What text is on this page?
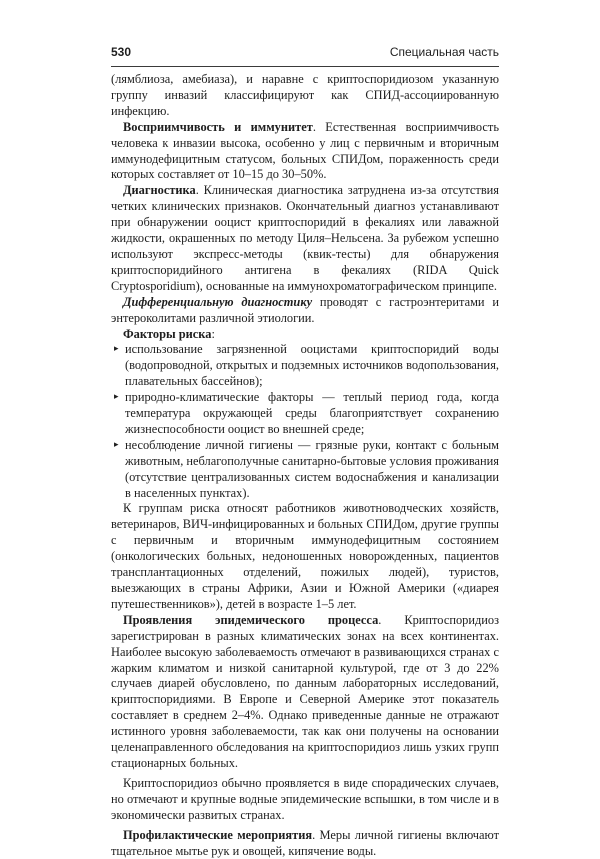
530	Специальная часть

(лямблиоза, амебиаза), и наравне с криптоспоридиозом указанную группу инвазий классифицируют как СПИД-ассоциированную инфекцию.

Восприимчивость и иммунитет. Естественная восприимчивость человека к инвазии высока, особенно у лиц с первичным и вторичным иммунодефицитным статусом, больных СПИДом, пораженность среди которых составляет от 10–15 до 30–50%.

Диагностика. Клиническая диагностика затруднена из-за отсутствия четких клинических признаков. Окончательный диагноз устанавливают при обнаружении ооцист криптоспоридий в фекалиях или лаважной жидкости, окрашенных по методу Циля–Нельсена. За рубежом успешно используют экспресс-методы (квик-тесты) для обнаружения криптоспоридийного антигена в фекалиях (RIDA Quick Cryptosporidium), основанные на иммунохроматографическом принципе.

Дифференциальную диагностику проводят с гастроэнтеритами и энтероколитами различной этиологии.

Факторы риска:

▸ использование загрязненной ооцистами криптоспоридий воды (водопроводной, открытых и подземных источников водопользования, плавательных бассейнов);
▸ природно-климатические факторы — теплый период года, когда температура окружающей среды благоприятствует сохранению жизнеспособности ооцист во внешней среде;
▸ несоблюдение личной гигиены — грязные руки, контакт с больным животным, неблагополучные санитарно-бытовые условия проживания (отсутствие централизованных систем водоснабжения и канализации в населенных пунктах).

К группам риска относят работников животноводческих хозяйств, ветеринаров, ВИЧ-инфицированных и больных СПИДом, другие группы с первичным и вторичным иммунодефицитным состоянием (онкологических больных, недоношенных новорожденных, пациентов трансплантационных отделений, пожилых людей), туристов, выезжающих в страны Африки, Азии и Южной Америки («диарея путешественников»), детей в возрасте 1–5 лет.

Проявления эпидемического процесса. Криптоспоридиоз зарегистрирован в разных климатических зонах на всех континентах. Наиболее высокую заболеваемость отмечают в развивающихся странах с жарким климатом и низкой санитарной культурой, где от 3 до 22% случаев диарей обусловлено, по данным лабораторных исследований, криптоспоридиями. В Европе и Северной Америке этот показатель составляет в среднем 2–4%. Однако приведенные данные не отражают истинного уровня заболеваемости, так как они получены на основании целенаправленного обследования на криптоспоридиоз лишь узких групп стационарных больных.

Криптоспоридиоз обычно проявляется в виде спорадических случаев, но отмечают и крупные водные эпидемические вспышки, в том числе и в экономически развитых странах.

Профилактические мероприятия. Меры личной гигиены включают тщательное мытье рук и овощей, кипячение воды.
